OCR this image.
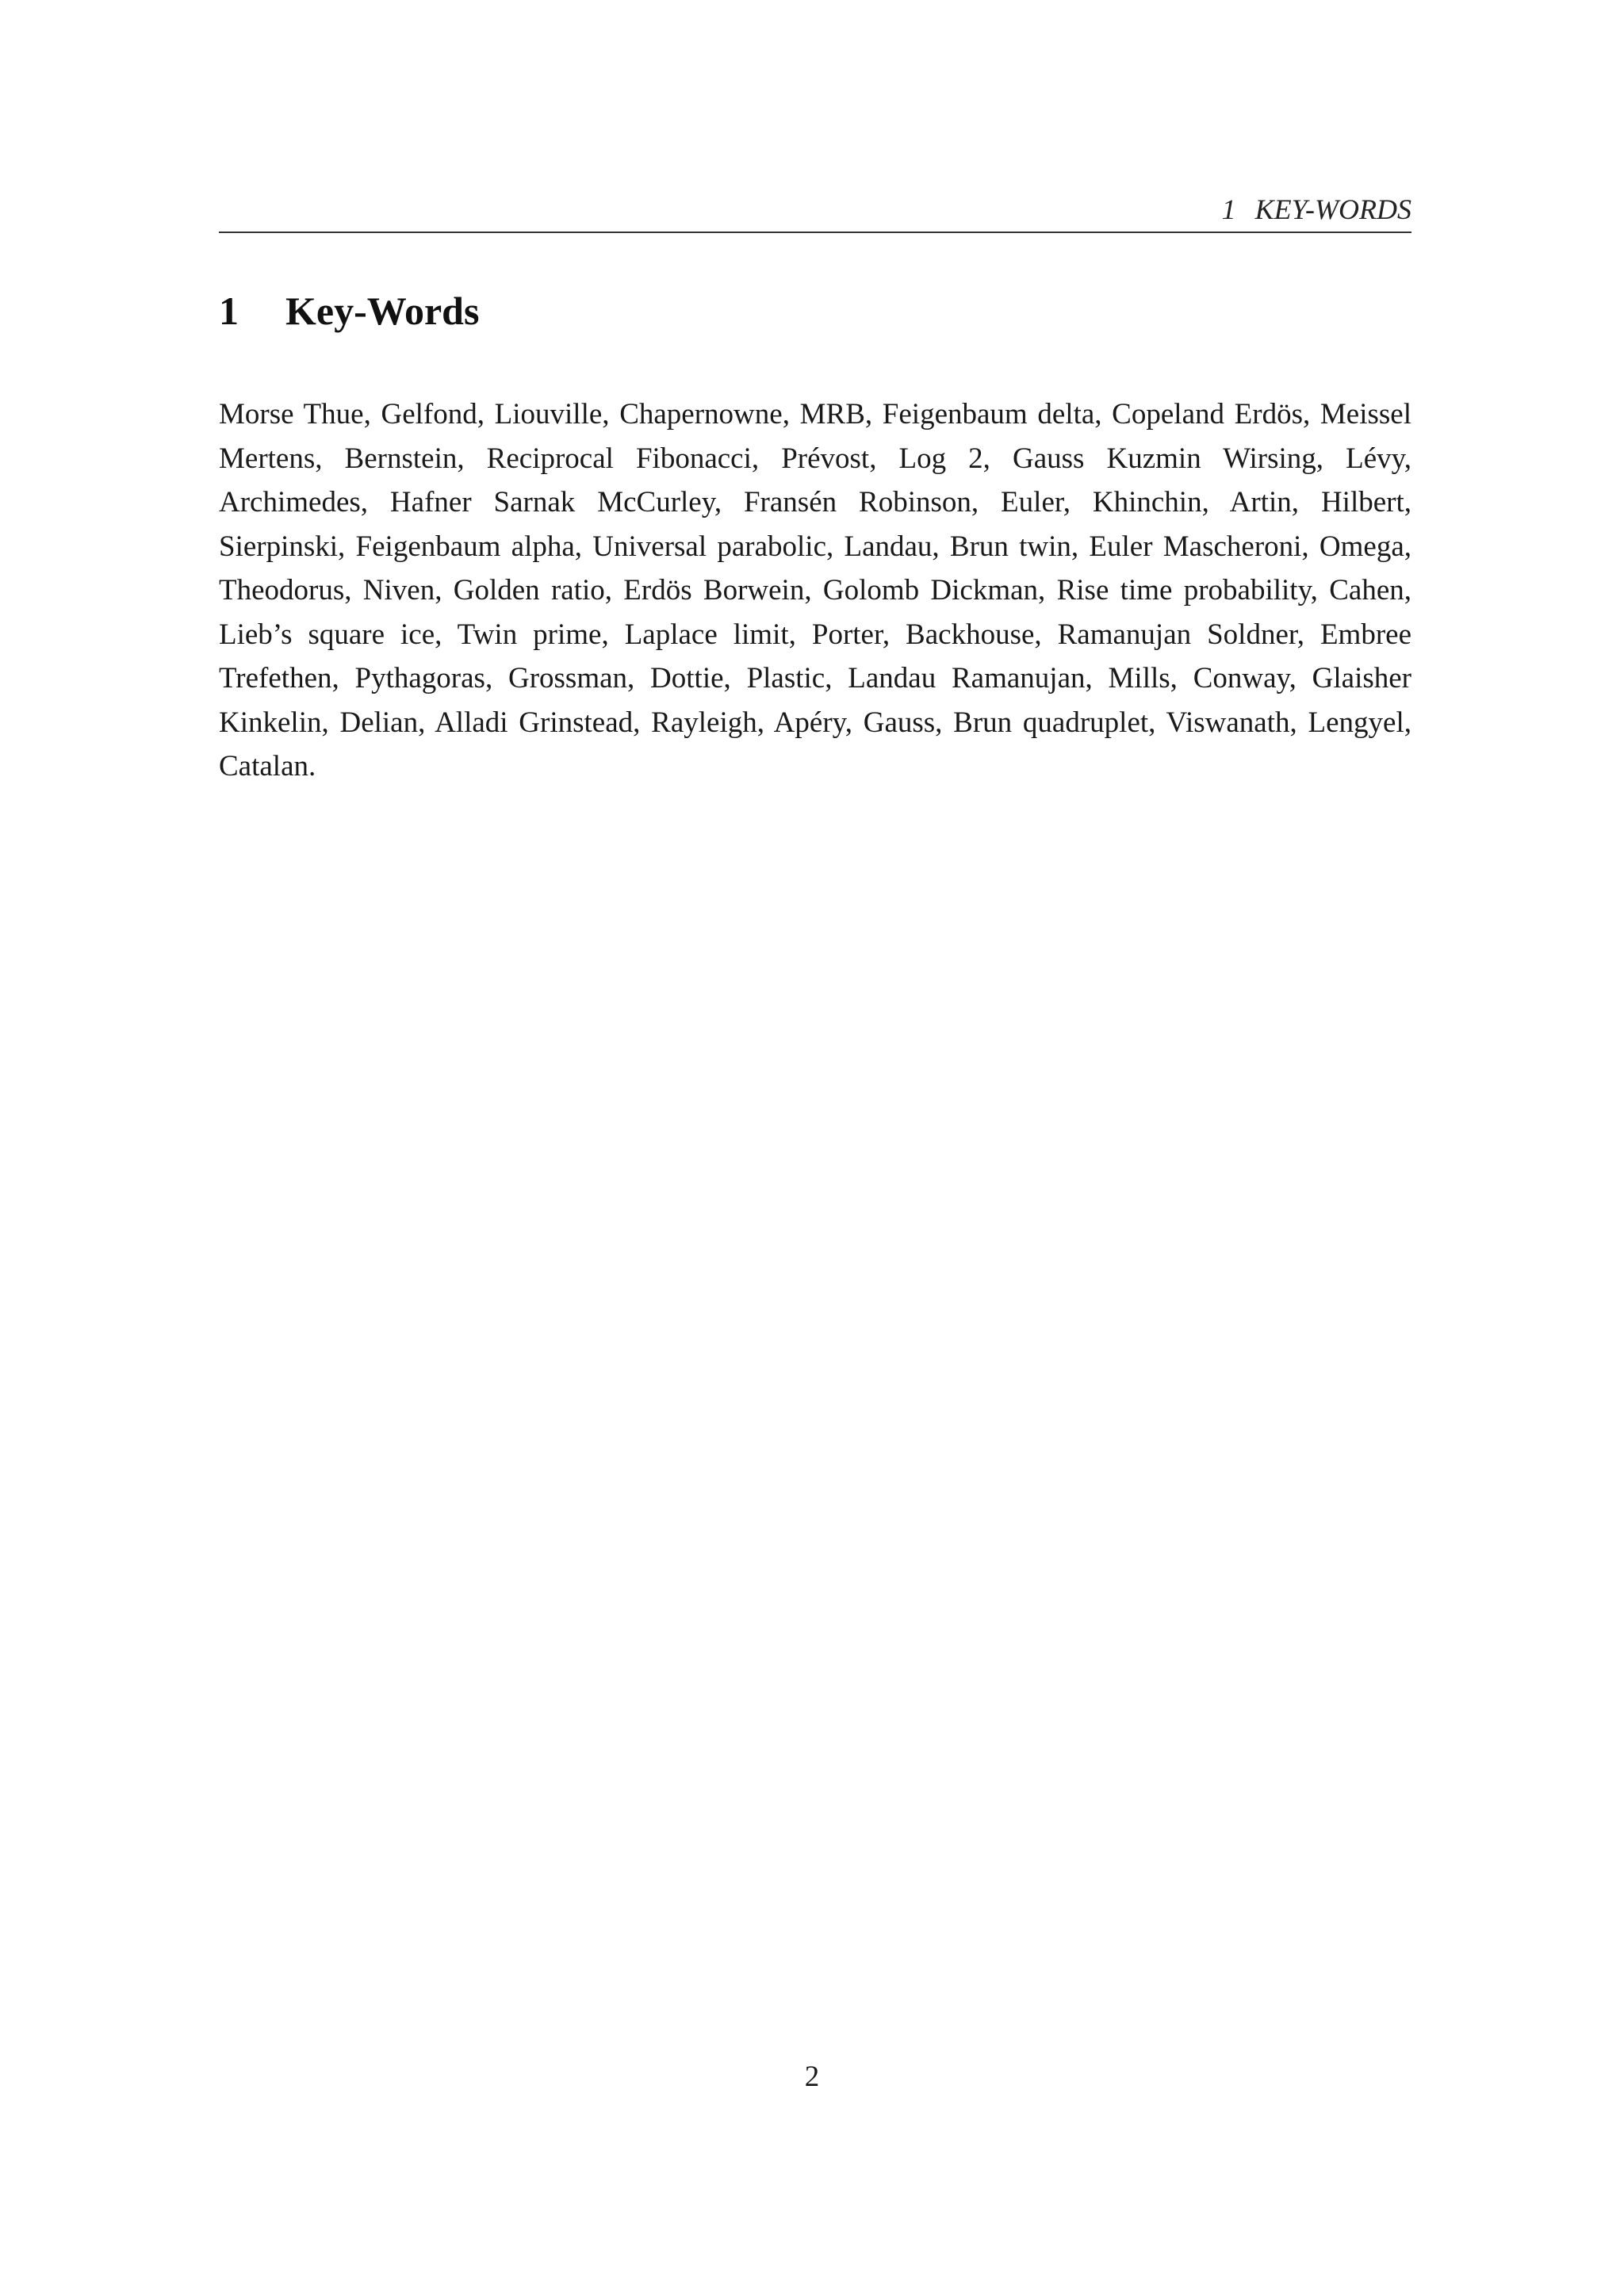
1 KEY-WORDS
1 Key-Words

Morse Thue, Gelfond, Liouville, Chapernowne, MRB, Feigenbaum delta, Copeland Erdös, Meissel Mertens, Bernstein, Reciprocal Fibonacci, Prévost, Log 2, Gauss Kuzmin Wirsing, Lévy, Archimedes, Hafner Sarnak McCurley, Fransén Robinson, Euler, Khinchin, Artin, Hilbert, Sierpinski, Feigenbaum alpha, Universal parabolic, Landau, Brun twin, Euler Mascheroni, Omega, Theodorus, Niven, Golden ratio, Erdös Borwein, Golomb Dickman, Rise time probability, Cahen, Lieb’s square ice, Twin prime, Laplace limit, Porter, Backhouse, Ramanujan Soldner, Embree Trefethen, Pythagoras, Grossman, Dottie, Plastic, Landau Ramanujan, Mills, Conway, Glaisher Kinkelin, Delian, Alladi Grinstead, Rayleigh, Apéry, Gauss, Brun quadruplet, Viswanath, Lengyel, Catalan.

2
